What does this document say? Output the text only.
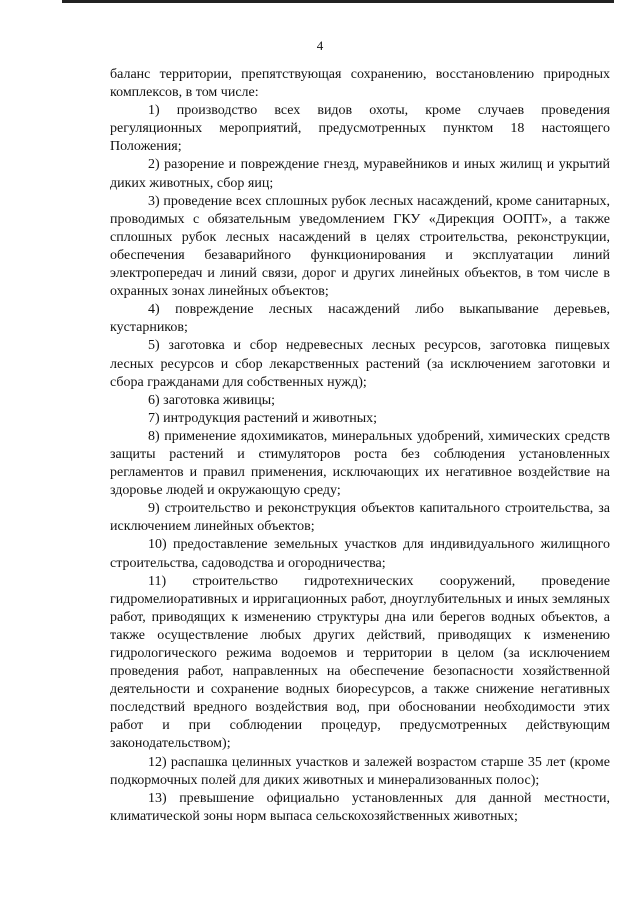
4

баланс территории, препятствующая сохранению, восстановлению природных комплексов, в том числе:

1) производство всех видов охоты, кроме случаев проведения регуляционных мероприятий, предусмотренных пунктом 18 настоящего Положения;

2) разорение и повреждение гнезд, муравейников и иных жилищ и укрытий диких животных, сбор яиц;

3) проведение всех сплошных рубок лесных насаждений, кроме санитарных, проводимых с обязательным уведомлением ГКУ «Дирекция ООПТ», а также сплошных рубок лесных насаждений в целях строительства, реконструкции, обеспечения безаварийного функционирования и эксплуатации линий электропередач и линий связи, дорог и других линейных объектов, в том числе в охранных зонах линейных объектов;

4) повреждение лесных насаждений либо выкапывание деревьев, кустарников;

5) заготовка и сбор недревесных лесных ресурсов, заготовка пищевых лесных ресурсов и сбор лекарственных растений (за исключением заготовки и сбора гражданами для собственных нужд);

6) заготовка живицы;

7) интродукция растений и животных;

8) применение ядохимикатов, минеральных удобрений, химических средств защиты растений и стимуляторов роста без соблюдения установленных регламентов и правил применения, исключающих их негативное воздействие на здоровье людей и окружающую среду;

9) строительство и реконструкция объектов капитального строительства, за исключением линейных объектов;

10) предоставление земельных участков для индивидуального жилищного строительства, садоводства и огородничества;

11) строительство гидротехнических сооружений, проведение гидромелиоративных и ирригационных работ, дноуглубительных и иных земляных работ, приводящих к изменению структуры дна или берегов водных объектов, а также осуществление любых других действий, приводящих к изменению гидрологического режима водоемов и территории в целом (за исключением проведения работ, направленных на обеспечение безопасности хозяйственной деятельности и сохранение водных биоресурсов, а также снижение негативных последствий вредного воздействия вод, при обосновании необходимости этих работ и при соблюдении процедур, предусмотренных действующим законодательством);

12) распашка целинных участков и залежей возрастом старше 35 лет (кроме подкормочных полей для диких животных и минерализованных полос);

13) превышение официально установленных для данной местности, климатической зоны норм выпаса сельскохозяйственных животных;
